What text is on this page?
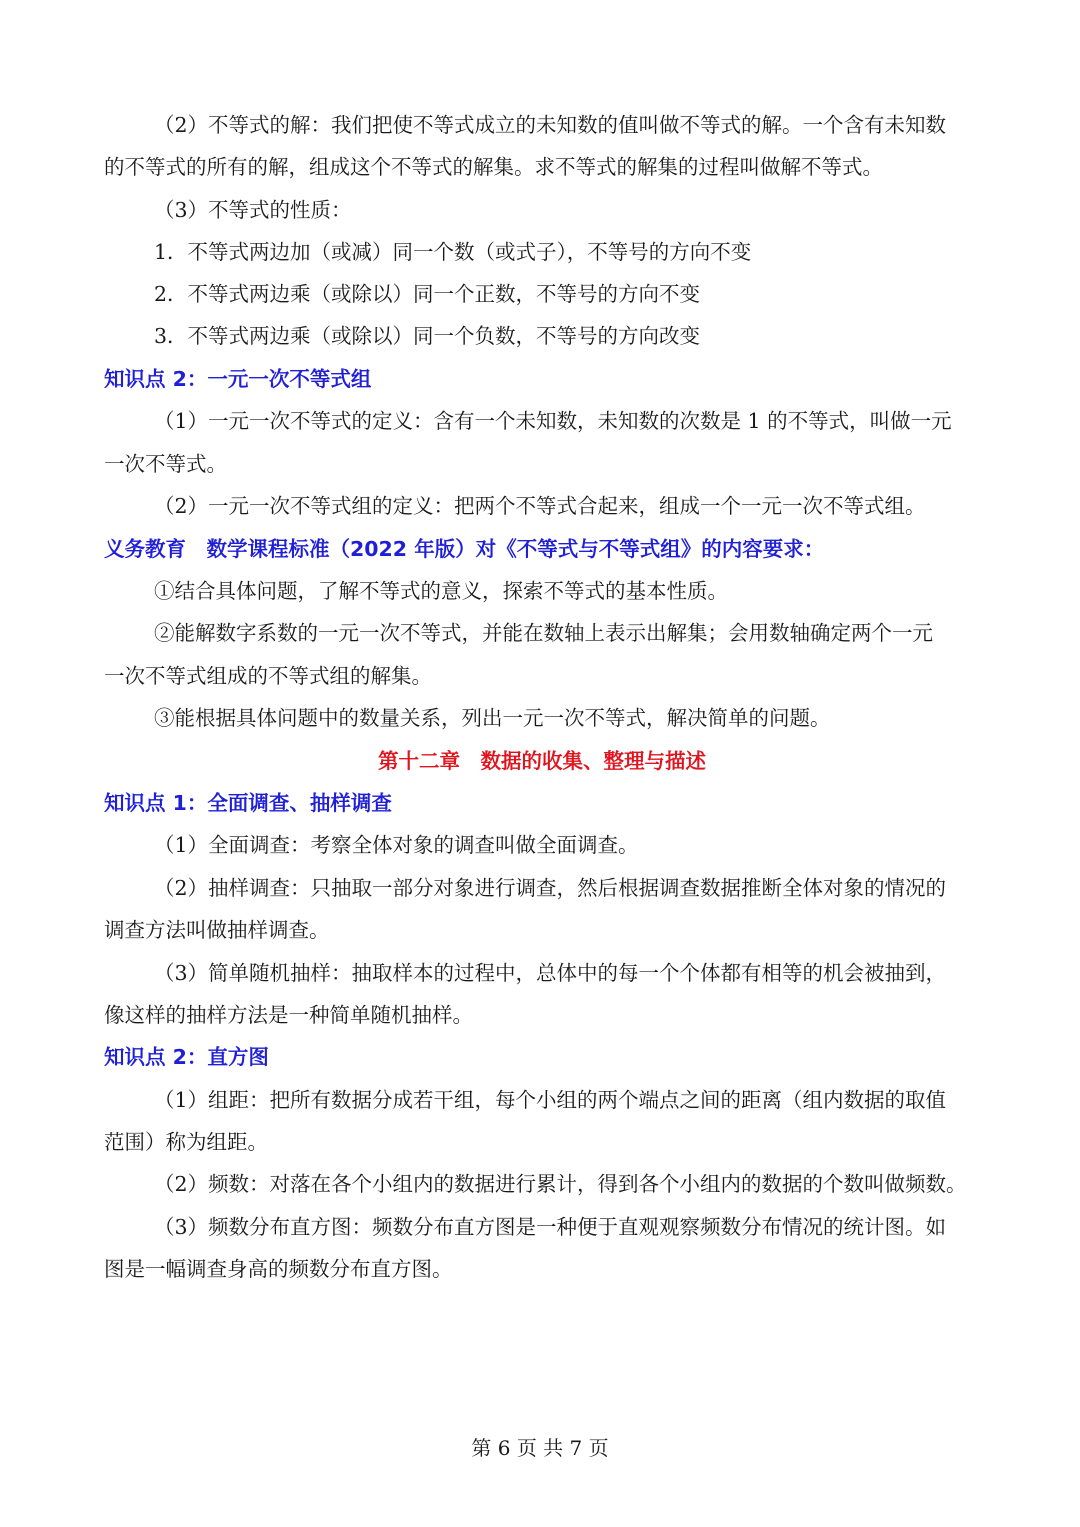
（2）不等式的解：我们把使不等式成立的未知数的值叫做不等式的解。一个含有未知数
的不等式的所有的解，组成这个不等式的解集。求不等式的解集的过程叫做解不等式。
（3）不等式的性质：
1．不等式两边加（或减）同一个数（或式子），不等号的方向不变
2．不等式两边乘（或除以）同一个正数，不等号的方向不变
3．不等式两边乘（或除以）同一个负数，不等号的方向改变
知识点 2：一元一次不等式组
（1）一元一次不等式的定义：含有一个未知数，未知数的次数是 1 的不等式，叫做一元
一次不等式。
（2）一元一次不等式组的定义：把两个不等式合起来，组成一个一元一次不等式组。
义务教育　数学课程标准（2022 年版）对《不等式与不等式组》的内容要求：
①结合具体问题，了解不等式的意义，探索不等式的基本性质。
②能解数字系数的一元一次不等式，并能在数轴上表示出解集；会用数轴确定两个一元
一次不等式组成的不等式组的解集。
③能根据具体问题中的数量关系，列出一元一次不等式，解决简单的问题。
第十二章　数据的收集、整理与描述
知识点 1：全面调查、抽样调查
（1）全面调查：考察全体对象的调查叫做全面调查。
（2）抽样调查：只抽取一部分对象进行调查，然后根据调查数据推断全体对象的情况的
调查方法叫做抽样调查。
（3）简单随机抽样：抽取样本的过程中，总体中的每一个个体都有相等的机会被抽到，
像这样的抽样方法是一种简单随机抽样。
知识点 2：直方图
（1）组距：把所有数据分成若干组，每个小组的两个端点之间的距离（组内数据的取值
范围）称为组距。
（2）频数：对落在各个小组内的数据进行累计，得到各个小组内的数据的个数叫做频数。
（3）频数分布直方图：频数分布直方图是一种便于直观观察频数分布情况的统计图。如
图是一幅调查身高的频数分布直方图。
第 6 页 共 7 页
